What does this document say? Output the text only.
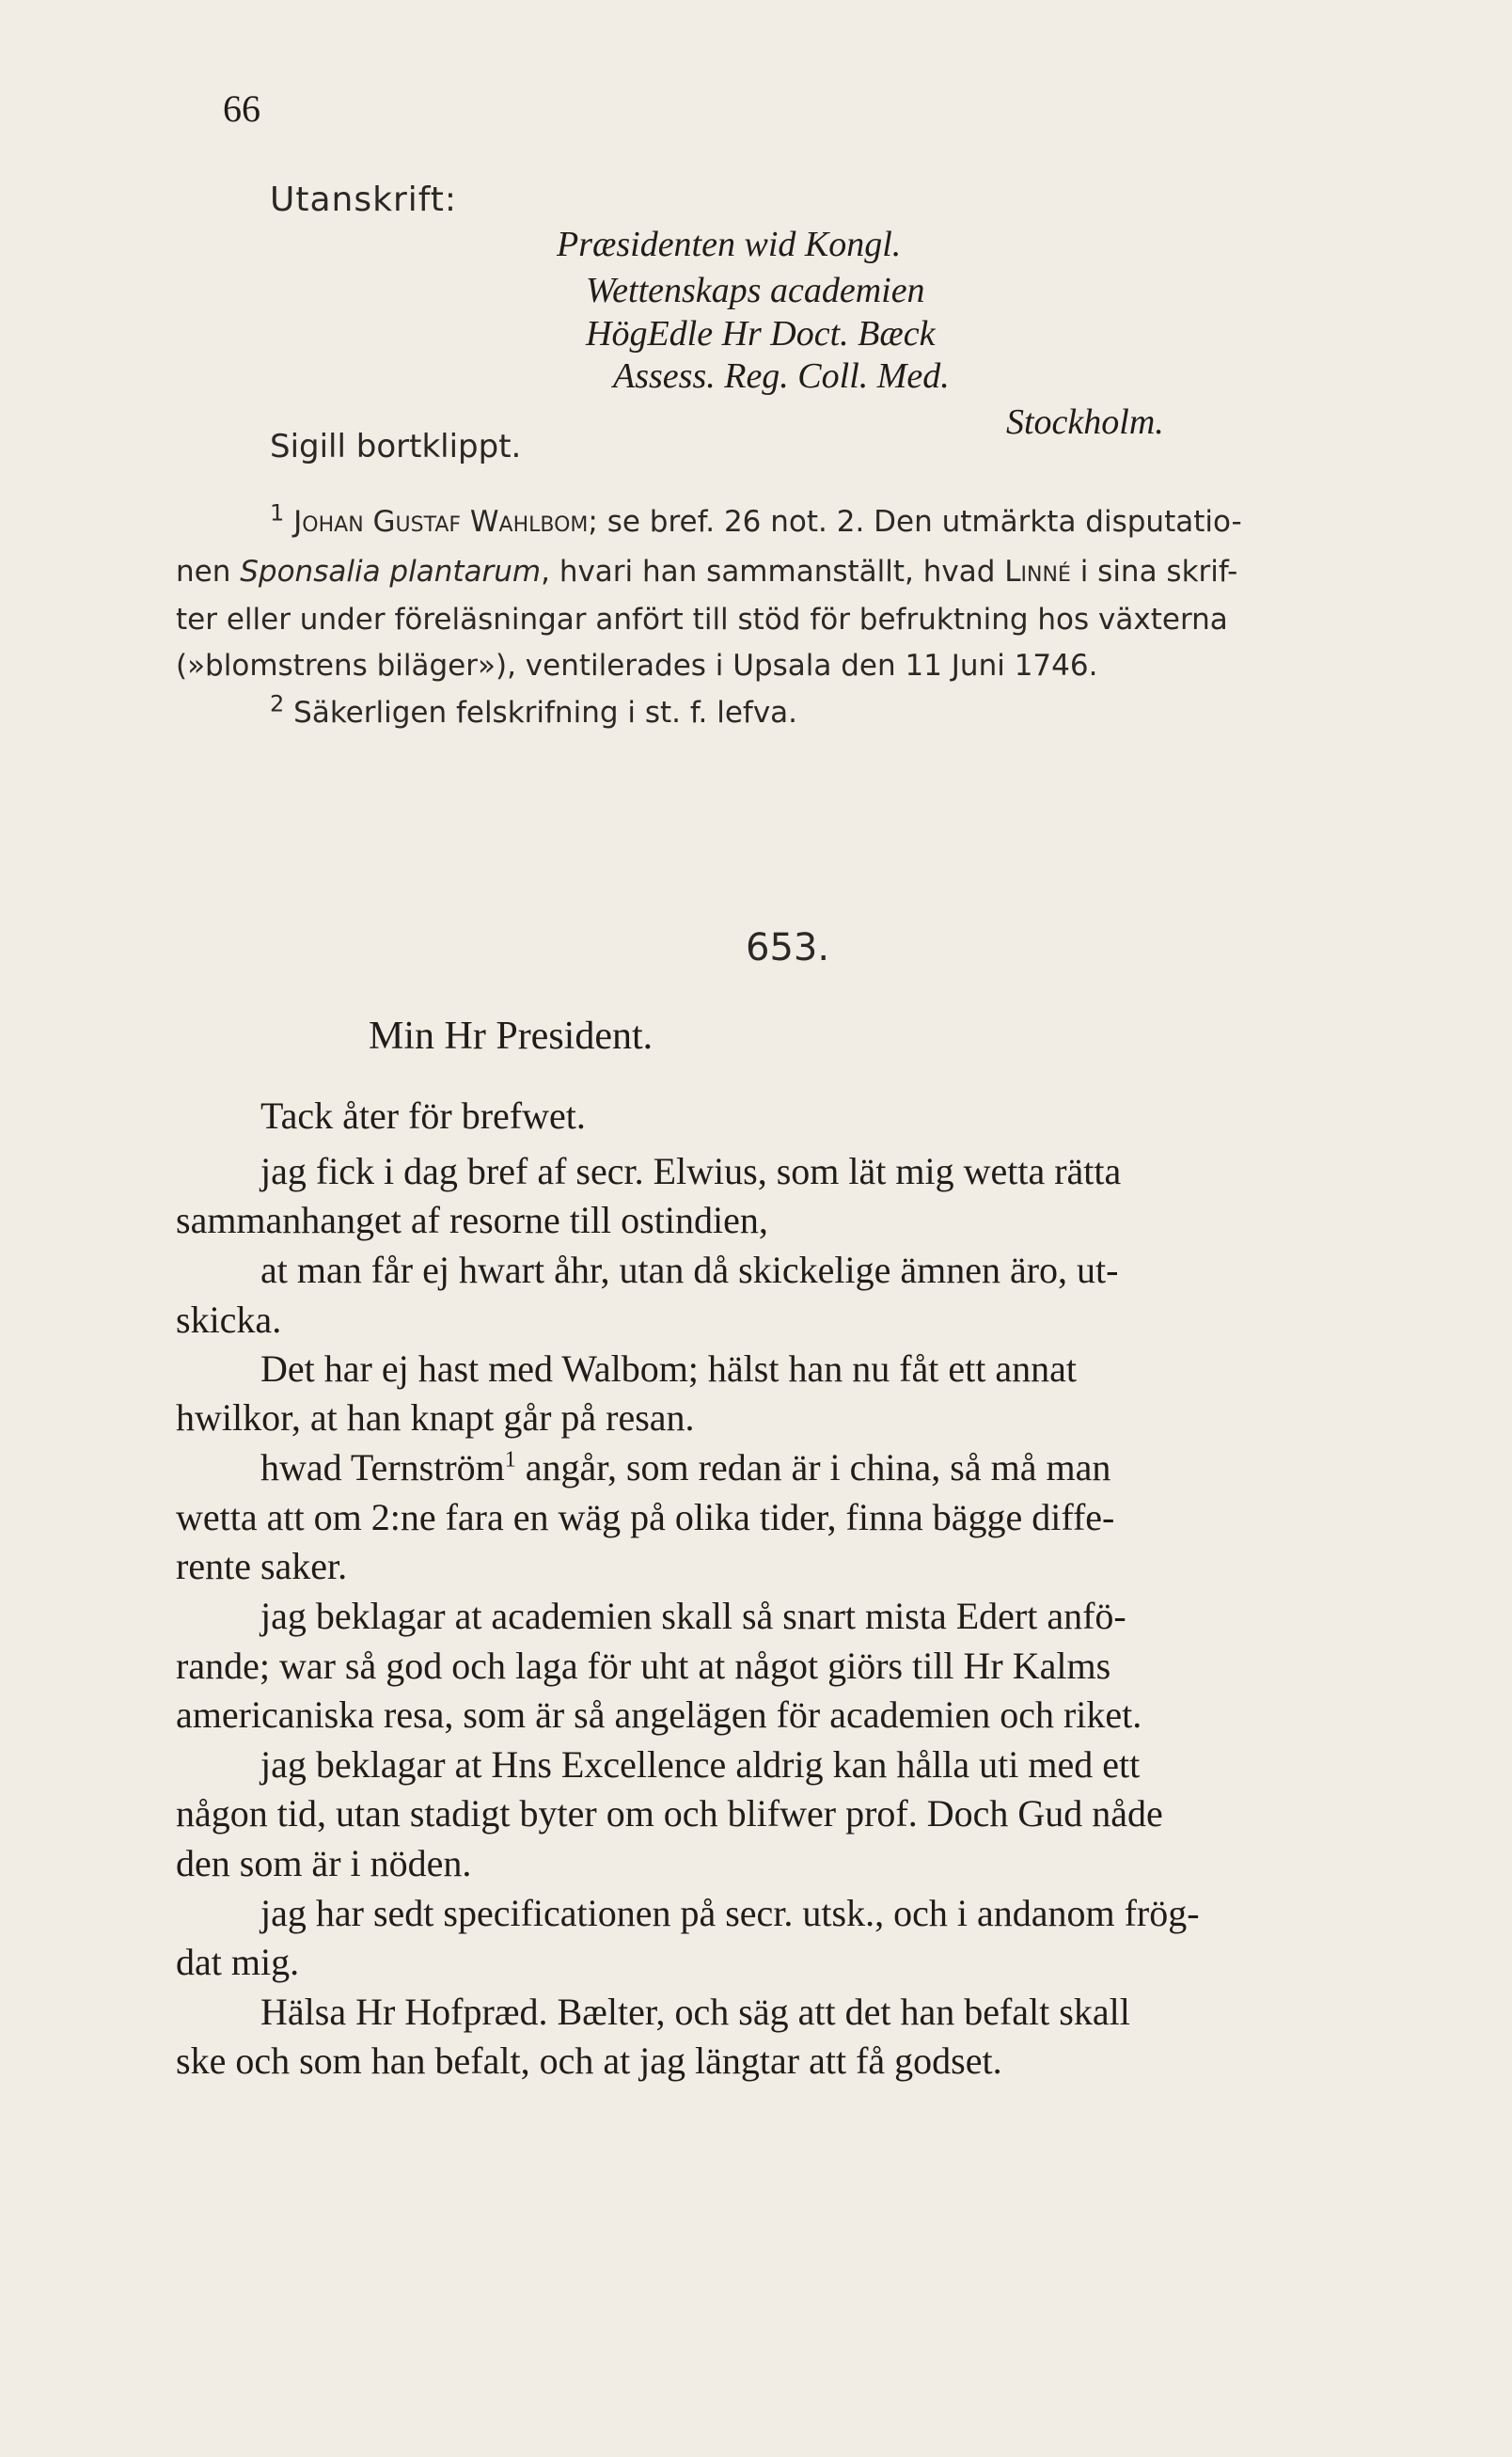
66
Utanskrift:
Præsidenten wid Kongl.
Wettenskaps academien
HögEdle Hr Doct. Bæck
Assess. Reg. Coll. Med.
Stockholm.
Sigill bortklippt.
$^1$ Johan Gustaf Wahlbom; se bref. 26 not. 2. Den utmärkta disputatio-
nen Sponsalia plantarum, hvari han sammanställt, hvad Linné i sina skrif-
ter eller under föreläsningar anfört till stöd för befruktning hos växterna
(»blomstrens biläger»), ventilerades i Upsala den 11 Juni 1746.
$^2$ Säkerligen felskrifning i st. f. lefva.
653.
Min Hr President.
Tack åter för brefwet.
jag fick i dag bref af secr. Elwius, som lät mig wetta rätta
sammanhanget af resorne till ostindien,
at man får ej hwart åhr, utan då skickelige ämnen äro, ut-
skicka.
Det har ej hast med Walbom; hälst han nu fåt ett annat
hwilkor, at han knapt går på resan.
hwad Ternström$^1$ angår, som redan är i china, så må man
wetta att om 2:ne fara en wäg på olika tider, finna bägge diffe-
rente saker.
jag beklagar at academien skall så snart mista Edert anfö-
rande; war så god och laga för uht at något giörs till Hr Kalms
americaniska resa, som är så angelägen för academien och riket.
jag beklagar at Hns Excellence aldrig kan hålla uti med ett
någon tid, utan stadigt byter om och blifwer prof. Doch Gud nåde
den som är i nöden.
jag har sedt specificationen på secr. utsk., och i andanom frög-
dat mig.
Hälsa Hr Hofpræd. Bælter, och säg att det han befalt skall
ske och som han befalt, och at jag längtar att få godset.
